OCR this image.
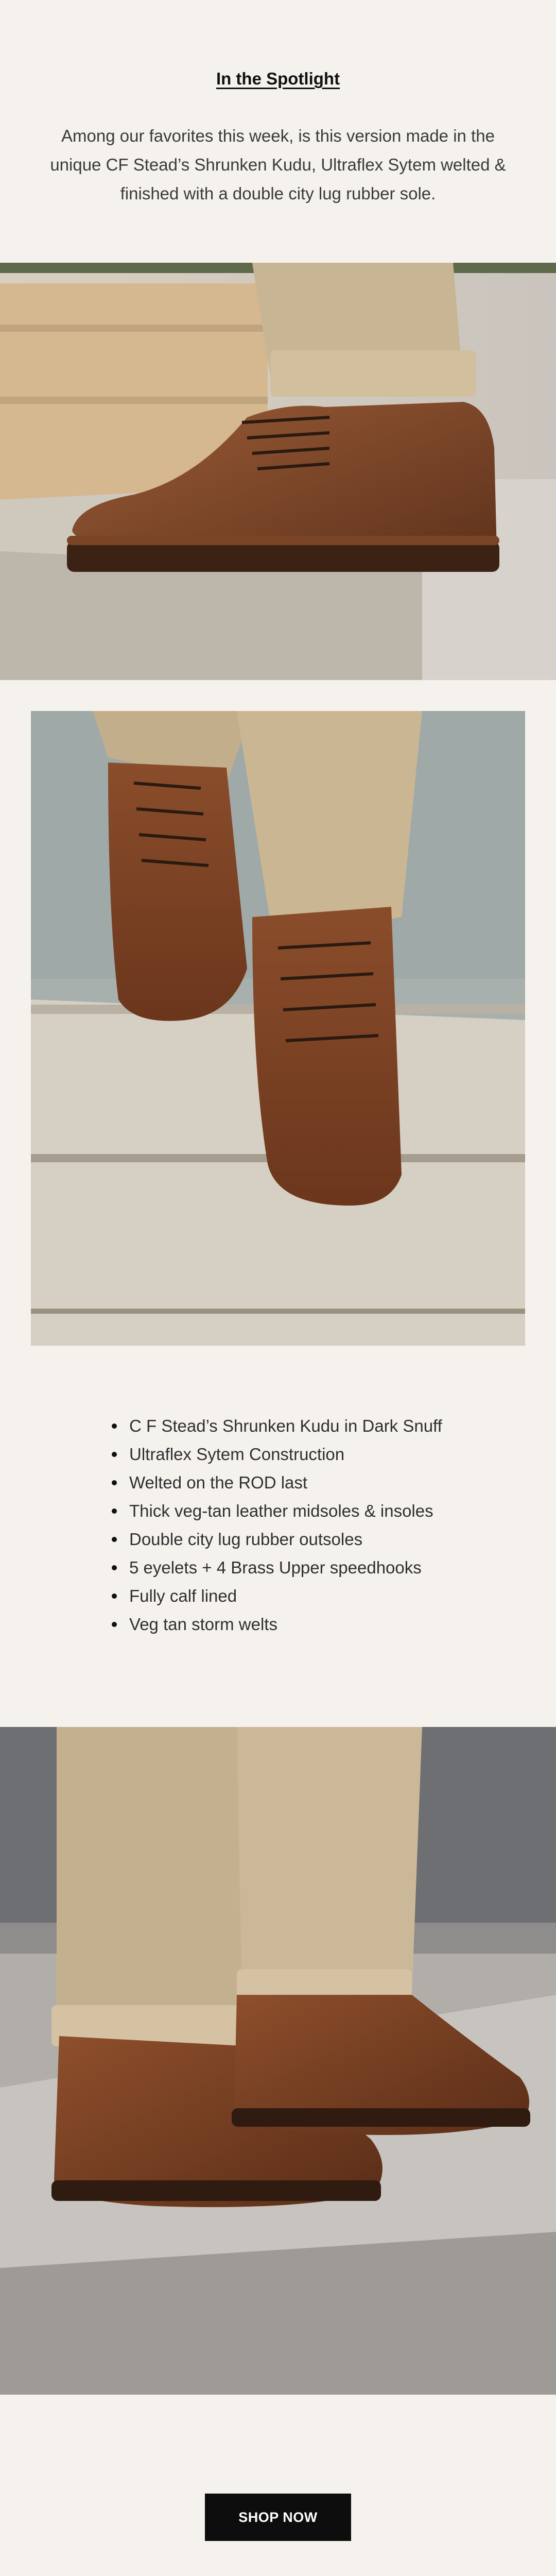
In the Spotlight
Among our favorites this week, is this version made in the unique CF Stead’s Shrunken Kudu, Ultraflex Sytem welted & finished with a double city lug rubber sole.
C F Stead’s Shrunken Kudu in Dark Snuff
Ultraflex Sytem Construction
Welted on the ROD last
Thick veg-tan leather midsoles & insoles
Double city lug rubber outsoles
5 eyelets + 4 Brass Upper speedhooks
Fully calf lined
Veg tan storm welts
SHOP NOW
